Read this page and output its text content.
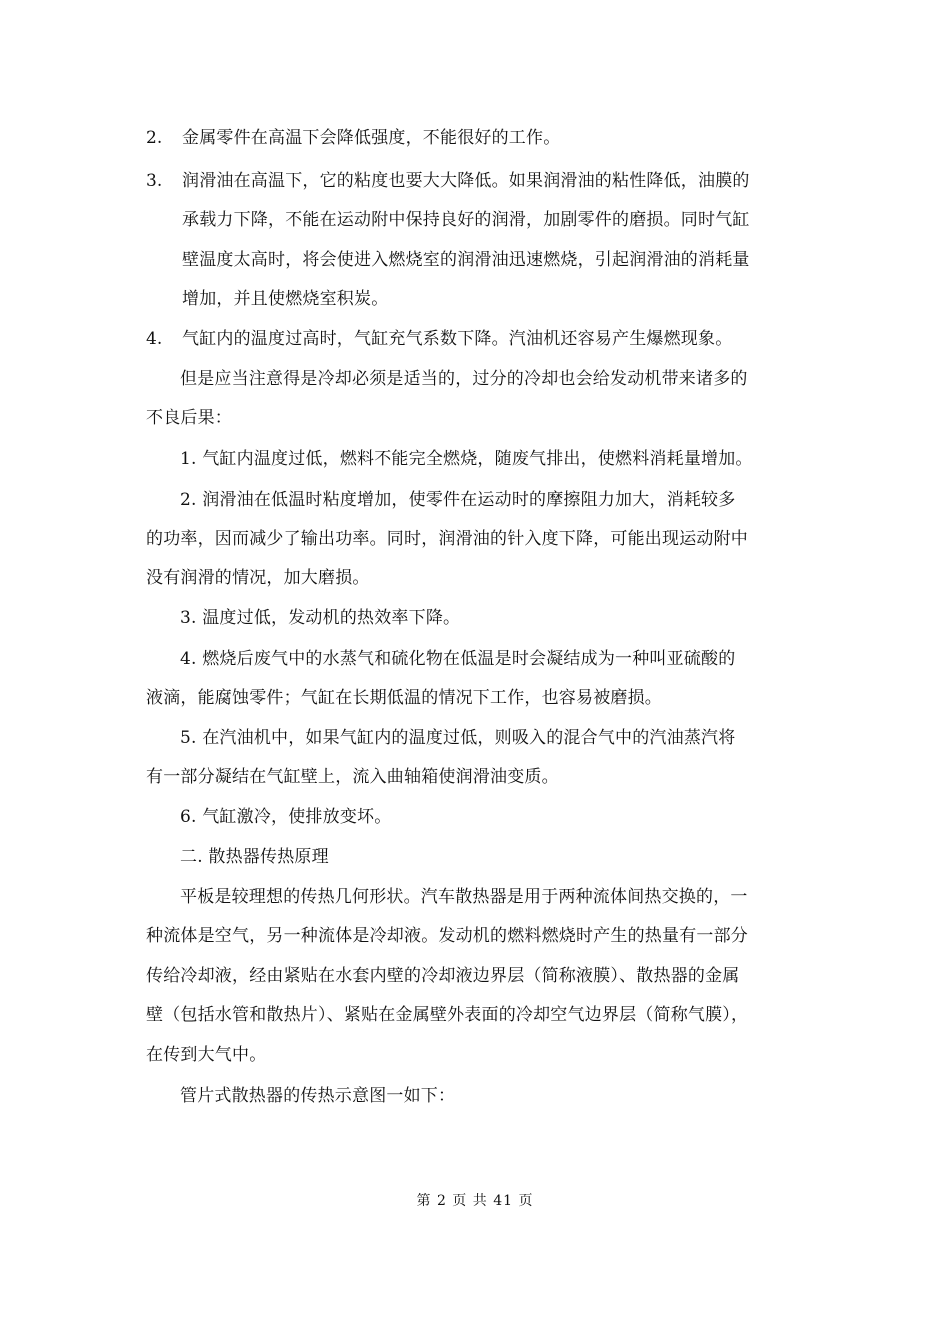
2. 金属零件在高温下会降低强度，不能很好的工作。
3. 润滑油在高温下，它的粘度也要大大降低。如果润滑油的粘性降低，油膜的
承载力下降，不能在运动附中保持良好的润滑，加剧零件的磨损。同时气缸
壁温度太高时，将会使进入燃烧室的润滑油迅速燃烧，引起润滑油的消耗量
增加，并且使燃烧室积炭。
4. 气缸内的温度过高时，气缸充气系数下降。汽油机还容易产生爆燃现象。
但是应当注意得是冷却必须是适当的，过分的冷却也会给发动机带来诸多的
不良后果：
1. 气缸内温度过低，燃料不能完全燃烧，随废气排出，使燃料消耗量增加。
2. 润滑油在低温时粘度增加，使零件在运动时的摩擦阻力加大，消耗较多
的功率，因而减少了输出功率。同时，润滑油的针入度下降，可能出现运动附中
没有润滑的情况，加大磨损。
3. 温度过低，发动机的热效率下降。
4. 燃烧后废气中的水蒸气和硫化物在低温是时会凝结成为一种叫亚硫酸的
液滴，能腐蚀零件；气缸在长期低温的情况下工作，也容易被磨损。
5. 在汽油机中，如果气缸内的温度过低，则吸入的混合气中的汽油蒸汽将
有一部分凝结在气缸壁上，流入曲轴箱使润滑油变质。
6. 气缸激冷，使排放变坏。
二. 散热器传热原理
平板是较理想的传热几何形状。汽车散热器是用于两种流体间热交换的，一
种流体是空气，另一种流体是冷却液。发动机的燃料燃烧时产生的热量有一部分
传给冷却液，经由紧贴在水套内壁的冷却液边界层（简称液膜）、散热器的金属
壁（包括水管和散热片）、紧贴在金属壁外表面的冷却空气边界层（简称气膜），
在传到大气中。
管片式散热器的传热示意图一如下：
第 2 页 共 41 页
